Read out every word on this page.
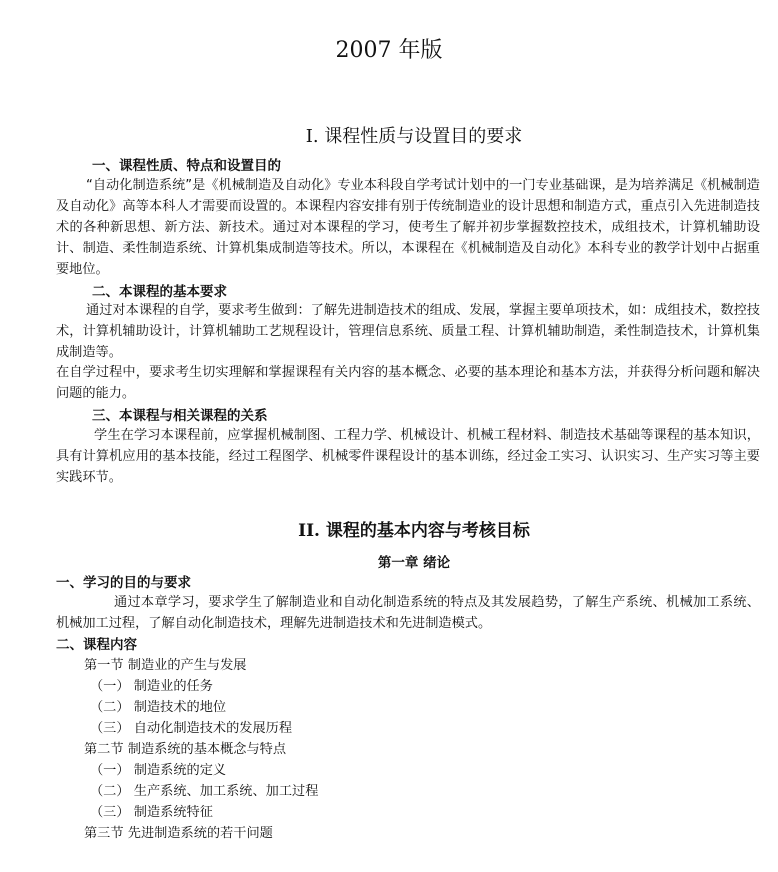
2007 年版
I. 课程性质与设置目的要求
一、课程性质、特点和设置目的
“自动化制造系统”是《机械制造及自动化》专业本科段自学考试计划中的一门专业基础课，是为培养满足《机械制造及自动化》高等本科人才需要而设置的。本课程内容安排有别于传统制造业的设计思想和制造方式，重点引入先进制造技术的各种新思想、新方法、新技术。通过对本课程的学习，使考生了解并初步掌握数控技术，成组技术，计算机辅助设计、制造、柔性制造系统、计算机集成制造等技术。所以，本课程在《机械制造及自动化》本科专业的教学计划中占据重要地位。
二、本课程的基本要求
通过对本课程的自学，要求考生做到：了解先进制造技术的组成、发展，掌握主要单项技术，如：成组技术，数控技术，计算机辅助设计，计算机辅助工艺规程设计，管理信息系统、质量工程、计算机辅助制造，柔性制造技术，计算机集成制造等。
在自学过程中，要求考生切实理解和掌握课程有关内容的基本概念、必要的基本理论和基本方法，并获得分析问题和解决问题的能力。
三、本课程与相关课程的关系
学生在学习本课程前，应掌握机械制图、工程力学、机械设计、机械工程材料、制造技术基础等课程的基本知识，具有计算机应用的基本技能，经过工程图学、机械零件课程设计的基本训练，经过金工实习、认识实习、生产实习等主要实践环节。
II. 课程的基本内容与考核目标
第一章 绪论
一、学习的目的与要求
通过本章学习，要求学生了解制造业和自动化制造系统的特点及其发展趋势，了解生产系统、机械加工系统、机械加工过程，了解自动化制造技术，理解先进制造技术和先进制造模式。
二、课程内容
第一节 制造业的产生与发展
（一） 制造业的任务
（二） 制造技术的地位
（三） 自动化制造技术的发展历程
第二节 制造系统的基本概念与特点
（一） 制造系统的定义
（二） 生产系统、加工系统、加工过程
（三） 制造系统特征
第三节 先进制造系统的若干问题
